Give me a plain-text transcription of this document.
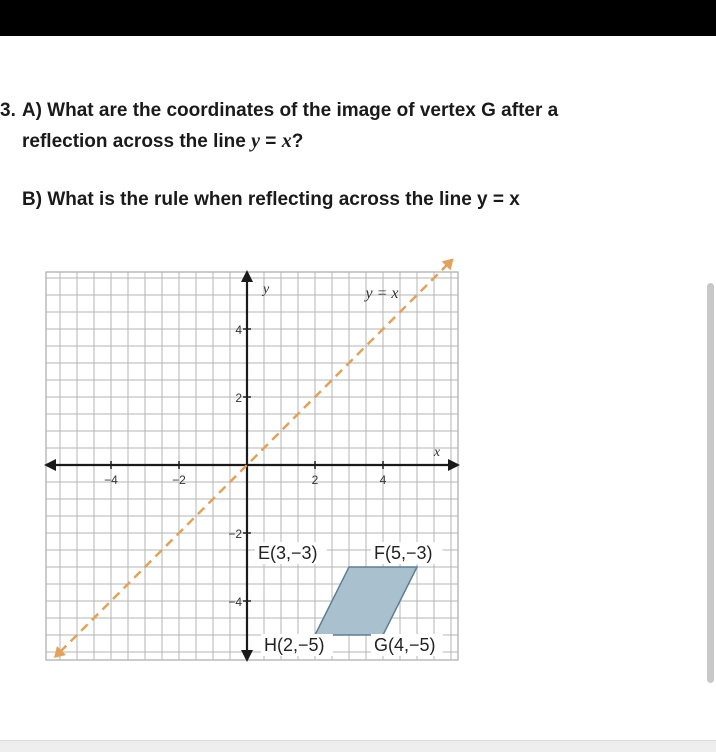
3. A) What are the coordinates of the image of vertex G after a
reflection across the line y = x?
B) What is the rule when reflecting across the line y = x
−4	−2	2	4
4
2
−2
−4
x
y	y = x
E(3,−3)	F(5,−3)
G(4,−5)
H(2,−5)
